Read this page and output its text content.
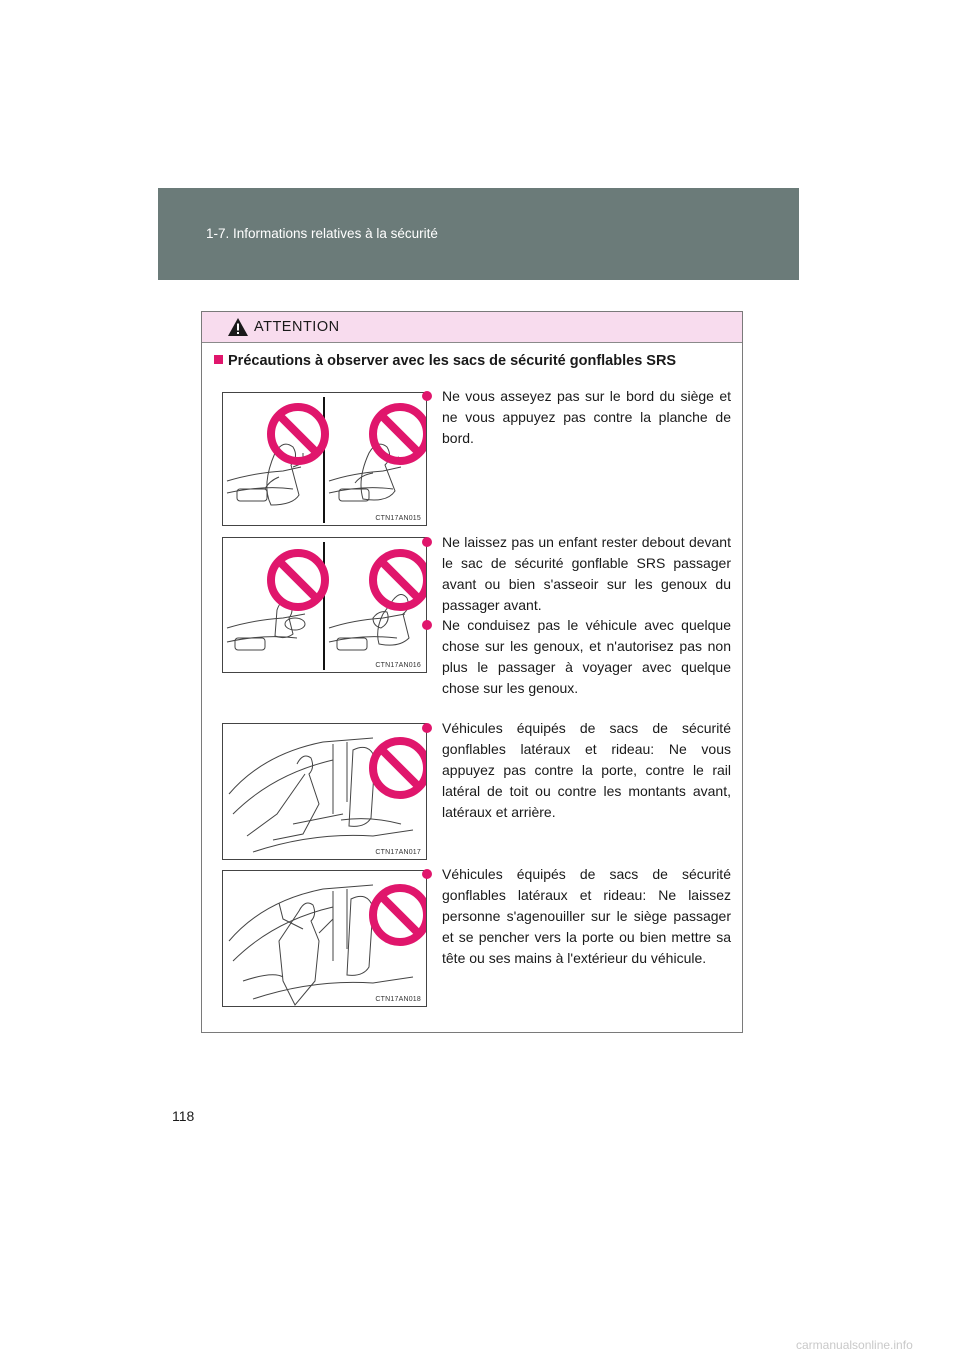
1-7. Informations relatives à la sécurité
ATTENTION
Précautions à observer avec les sacs de sécurité gonflables SRS
CTN17AN015
CTN17AN016
CTN17AN017
CTN17AN018

Ne vous asseyez pas sur le bord du siège et ne vous appuyez pas contre la planche de bord.

Ne laissez pas un enfant rester debout devant le sac de sécurité gonflable SRS passager avant ou bien s'asseoir sur les genoux du passager avant.

Ne conduisez pas le véhicule avec quelque chose sur les genoux, et n'autorisez pas non plus le passager à voyager avec quelque chose sur les genoux.

Véhicules équipés de sacs de sécurité gonflables latéraux et rideau: Ne vous appuyez pas contre la porte, contre le rail latéral de toit ou contre les montants avant, latéraux et arrière.

Véhicules équipés de sacs de sécurité gonflables latéraux et rideau: Ne laissez personne s'agenouiller sur le siège passager et se pencher vers la porte ou bien mettre sa tête ou ses mains à l'extérieur du véhicule.

118
carmanualsonline.info
